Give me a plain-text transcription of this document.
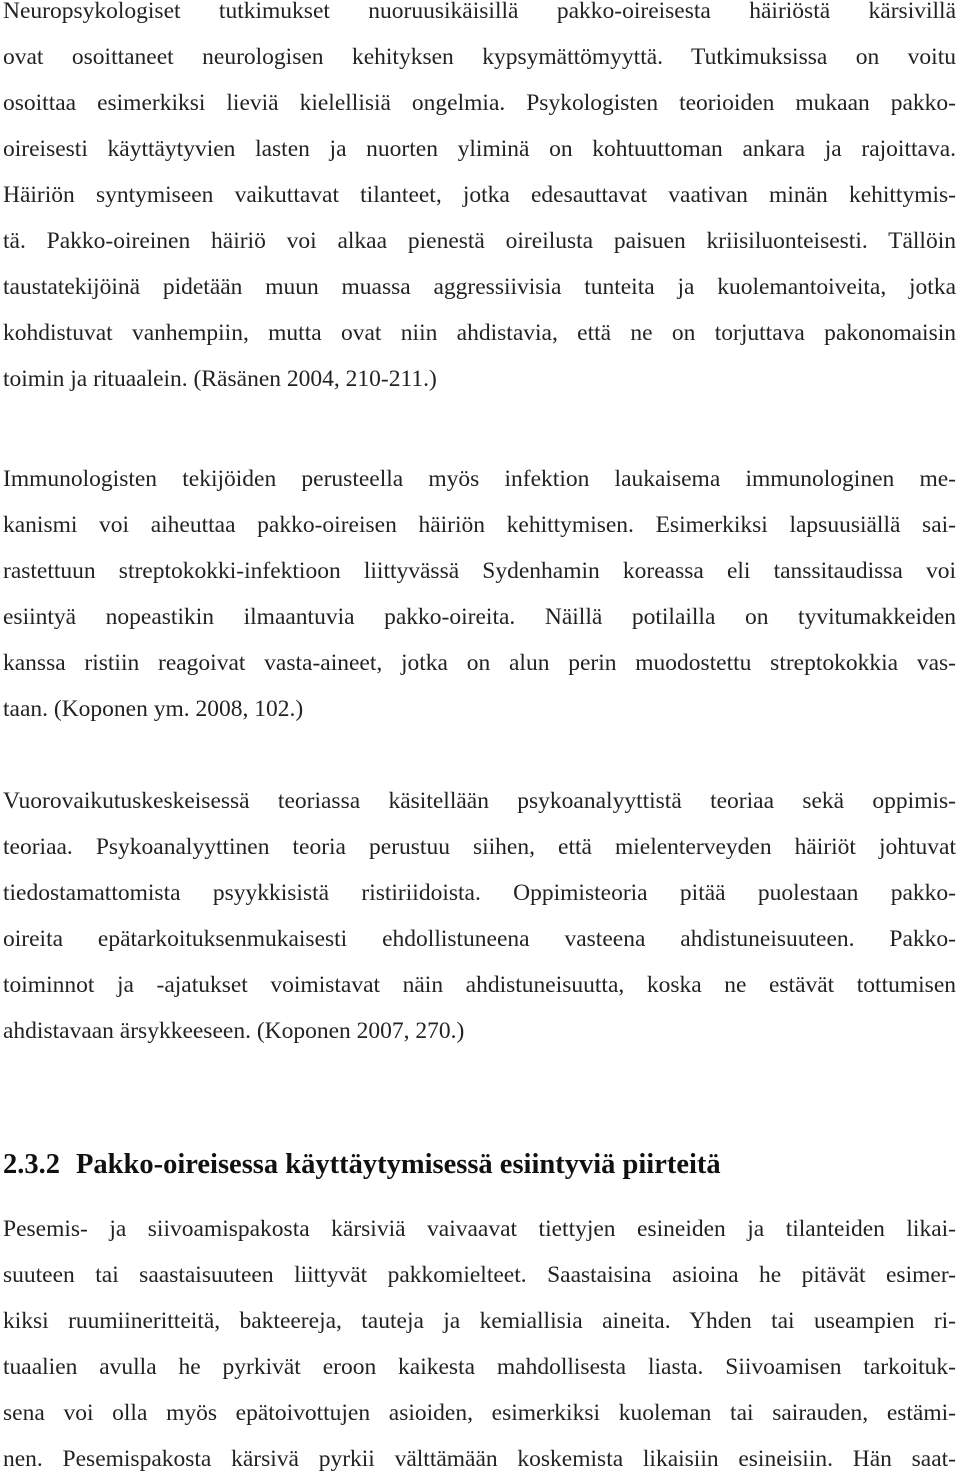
Neuropsykologiset tutkimukset nuoruusikäisillä pakko-oireisesta häiriöstä kärsivillä
ovat osoittaneet neurologisen kehityksen kypsymättömyyttä. Tutkimuksissa on voitu
osoittaa esimerkiksi lieviä kielellisiä ongelmia. Psykologisten teorioiden mukaan pakko-
oireisesti käyttäytyvien lasten ja nuorten yliminä on kohtuuttoman ankara ja rajoittava.
Häiriön syntymiseen vaikuttavat tilanteet, jotka edesauttavat vaativan minän kehittymis-
tä. Pakko-oireinen häiriö voi alkaa pienestä oireilusta paisuen kriisiluonteisesti. Tällöin
taustatekijöinä pidetään muun muassa aggressiivisia tunteita ja kuolemantoiveita, jotka
kohdistuvat vanhempiin, mutta ovat niin ahdistavia, että ne on torjuttava pakonomaisin
toimin ja rituaalein. (Räsänen 2004, 210-211.)
Immunologisten tekijöiden perusteella myös infektion laukaisema immunologinen me-
kanismi voi aiheuttaa pakko-oireisen häiriön kehittymisen. Esimerkiksi lapsuusiällä sai-
rastettuun streptokokki-infektioon liittyvässä Sydenhamin koreassa eli tanssitaudissa voi
esiintyä nopeastikin ilmaantuvia pakko-oireita. Näillä potilailla on tyvitumakkeiden
kanssa ristiin reagoivat vasta-aineet, jotka on alun perin muodostettu streptokokkia vas-
taan. (Koponen ym. 2008, 102.)
Vuorovaikutuskeskeisessä teoriassa käsitellään psykoanalyyttistä teoriaa sekä oppimis-
teoriaa. Psykoanalyyttinen teoria perustuu siihen, että mielenterveyden häiriöt johtuvat
tiedostamattomista psyykkisistä ristiriidoista. Oppimisteoria pitää puolestaan pakko-
oireita epätarkoituksenmukaisesti ehdollistuneena vasteena ahdistuneisuuteen. Pakko-
toiminnot ja -ajatukset voimistavat näin ahdistuneisuutta, koska ne estävät tottumisen
ahdistavaan ärsykkeeseen. (Koponen 2007, 270.)
2.3.2 Pakko-oireisessa käyttäytymisessä esiintyviä piirteitä
Pesemis- ja siivoamispakosta kärsiviä vaivaavat tiettyjen esineiden ja tilanteiden likai-
suuteen tai saastaisuuteen liittyvät pakkomielteet. Saastaisina asioina he pitävät esimer-
kiksi ruumiineritteitä, bakteereja, tauteja ja kemiallisia aineita. Yhden tai useampien ri-
tuaalien avulla he pyrkivät eroon kaikesta mahdollisesta liasta. Siivoamisen tarkoituk-
sena voi olla myös epätoivottujen asioiden, esimerkiksi kuoleman tai sairauden, estämi-
nen. Pesemispakosta kärsivä pyrkii välttämään koskemista likaisiin esineisiin. Hän saat-
